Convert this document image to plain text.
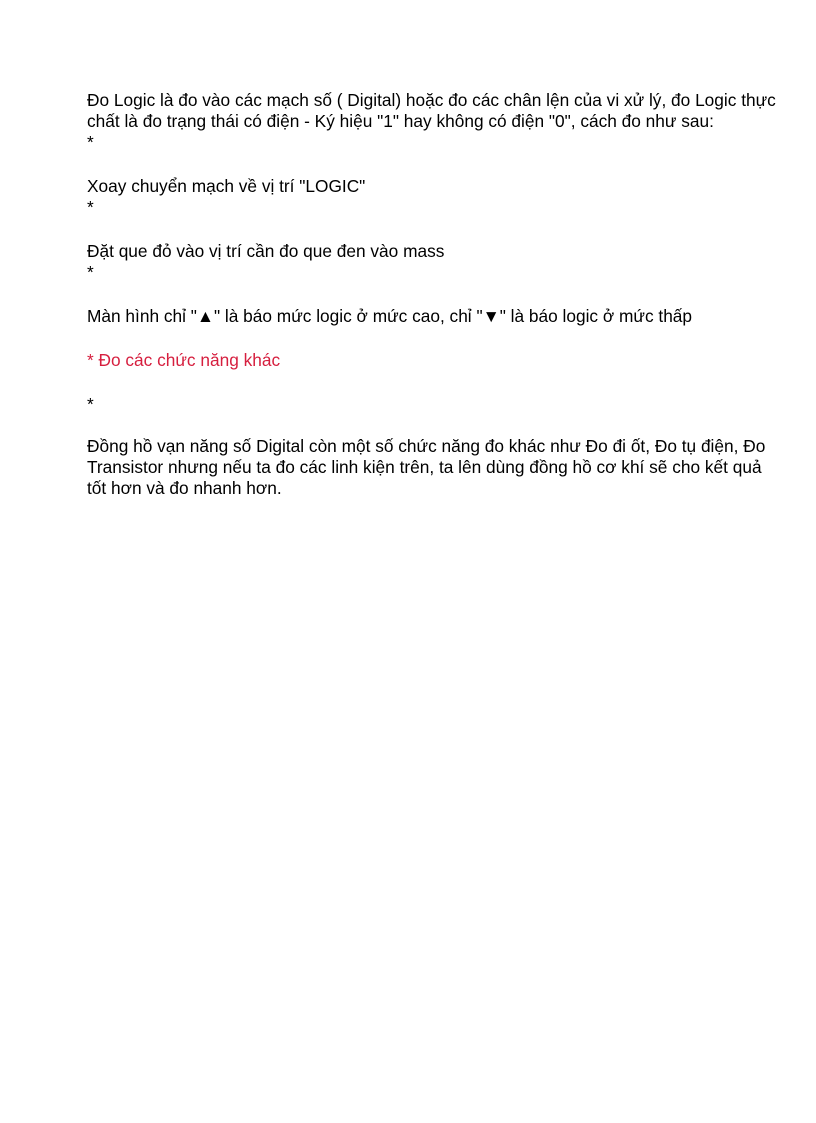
Đo Logic là đo vào các mạch số ( Digital) hoặc đo các chân lện của vi xử lý, đo Logic thực chất là đo trạng thái có điện - Ký hiệu "1" hay không có điện "0", cách đo như sau:

*

Xoay chuyển mạch về vị trí "LOGIC"

*

Đặt que đỏ vào vị trí cần đo que đen vào mass

*

Màn hình chỉ "▲" là báo mức logic ở mức cao, chỉ "▼" là báo logic ở mức thấp

* Đo các chức năng khác

*

Đồng hồ vạn năng số Digital còn một số chức năng đo khác như Đo đi ốt, Đo tụ điện, Đo Transistor nhưng nếu ta đo các linh kiện trên, ta lên dùng đồng hồ cơ khí sẽ cho kết quả tốt hơn và đo nhanh hơn.
